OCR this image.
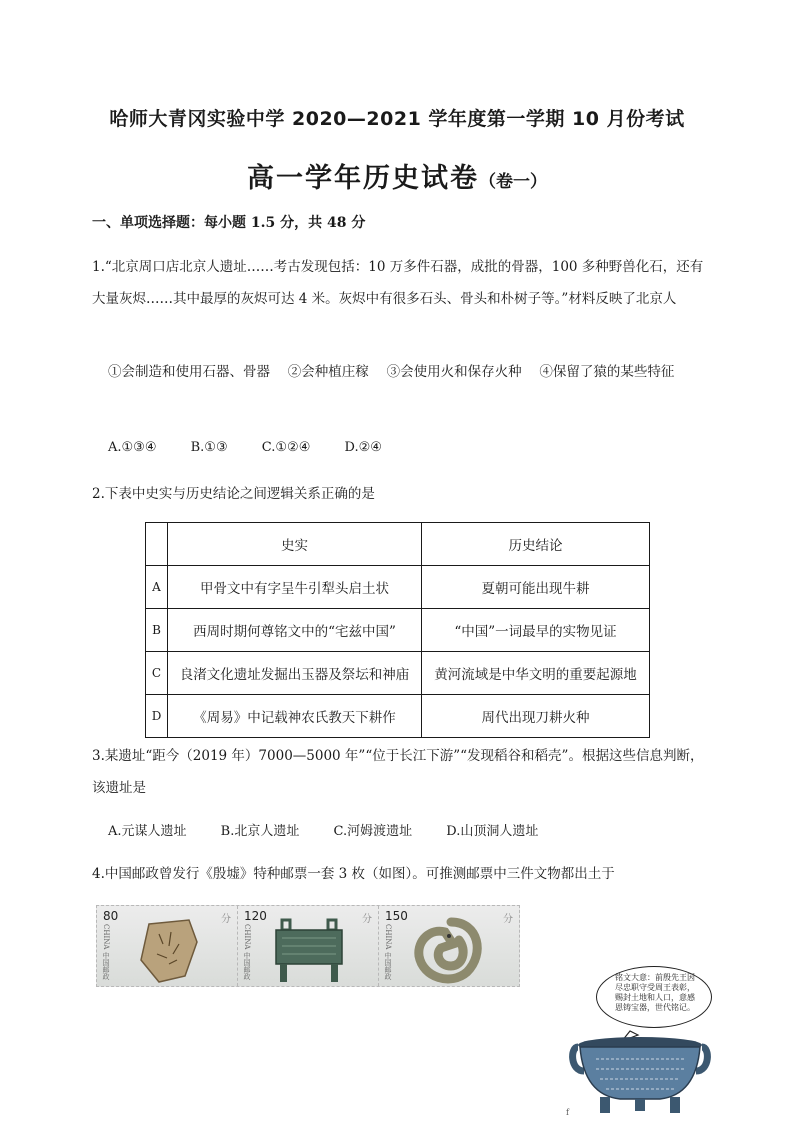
哈师大青冈实验中学 2020—2021 学年度第一学期 10 月份考试
高一学年历史试卷（卷一）
一、单项选择题：每小题 1.5 分，共 48 分
1.“北京周口店北京人遗址……考古发现包括：10 万多件石器，成批的骨器，100 多种野兽化石，还有大量灰烬……其中最厚的灰烬可达 4 米。灰烬中有很多石头、骨头和朴树子等。”材料反映了北京人
①会制造和使用石器、骨器　 ②会种植庄稼　 ③会使用火和保存火种　 ④保留了猿的某些特征
A.①③④	B.①③	C.①②④	D.②④
2.下表中史实与历史结论之间逻辑关系正确的是
	史实	历史结论
A	甲骨文中有字呈牛引犁头启土状	夏朝可能出现牛耕
B	西周时期何尊铭文中的“宅兹中国”	“中国”一词最早的实物见证
C	良渚文化遗址发掘出玉器及祭坛和神庙	黄河流域是中华文明的重要起源地
D	《周易》中记载神农氏教天下耕作	周代出现刀耕火种
3.某遗址“距今（2019 年）7000—5000 年”“位于长江下游”“发现稻谷和稻壳”。根据这些信息判断，该遗址是
A.元谋人遗址	B.北京人遗址	C.河姆渡遗址	D.山顶洞人遗址
4.中国邮政曾发行《殷墟》特种邮票一套 3 枚（如图）。可推测邮票中三件文物都出土于
80	分
CHINA 中国邮政
120	分
CHINA 中国邮政
150	分
CHINA 中国邮政	铭文大意：前殷先王因尽忠职守受周王表彰，赐封土地和人口，意感恩铸宝器，世代铭记。
f
